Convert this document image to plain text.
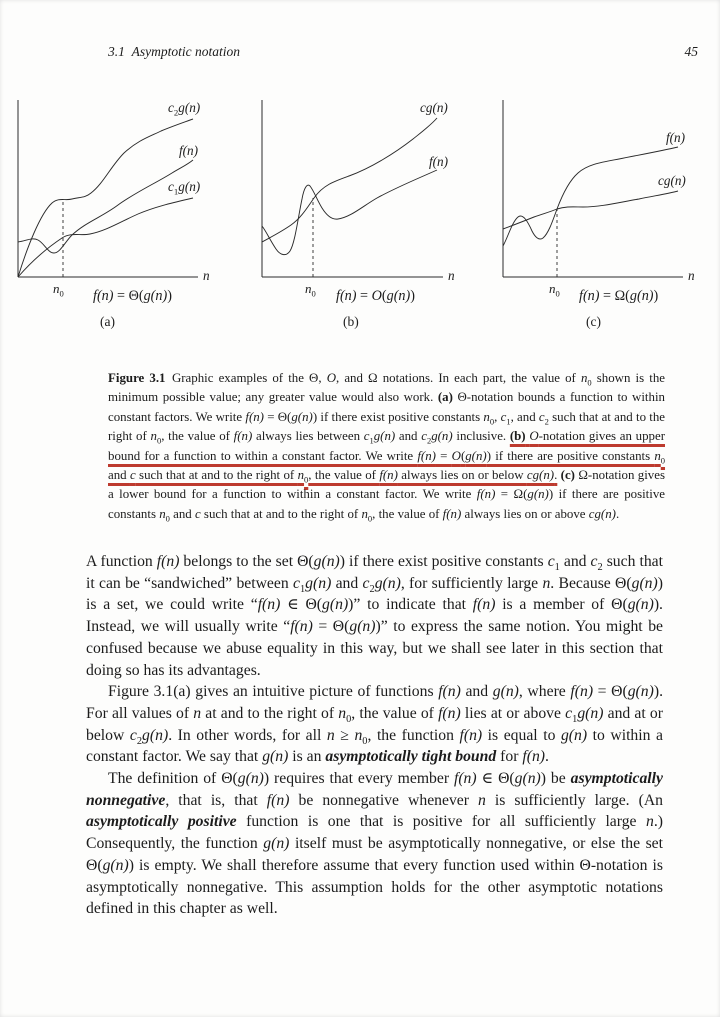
3.1 Asymptotic notation	45
$c_2g(n)$
f(n)
$c_1g(n)$
n
$n_0$ f(n) = Θ(g(n))
(a)
cg(n)
f(n)
n
$n_0$ f(n) = O(g(n))
(b)
f(n)
cg(n)
n
$n_0$ f(n) = Ω(g(n))
(c)
Figure 3.1 Graphic examples of the Θ, O, and Ω notations. In each part, the value of $n_0$ shown is the minimum possible value; any greater value would also work. (a) Θ-notation bounds a function to within constant factors. We write f(n) = Θ(g(n)) if there exist positive constants $n_0$, $c_1$, and $c_2$ such that at and to the right of $n_0$, the value of f(n) always lies between $c_1g(n)$ and $c_2g(n)$ inclusive. (b) O-notation gives an upper bound for a function to within a constant factor. We write f(n) = O(g(n)) if there are positive constants $n_0$ and c such that at and to the right of $n_0$, the value of f(n) always lies on or below cg(n). (c) Ω-notation gives a lower bound for a function to within a constant factor. We write f(n) = Ω(g(n)) if there are positive constants $n_0$ and c such that at and to the right of $n_0$, the value of f(n) always lies on or above cg(n).

A function f(n) belongs to the set Θ(g(n)) if there exist positive constants $c_1$ and $c_2$ such that it can be “sandwiched” between $c_1g(n)$ and $c_2g(n)$, for sufficiently large n. Because Θ(g(n)) is a set, we could write “f(n) ∈ Θ(g(n))” to indicate that f(n) is a member of Θ(g(n)). Instead, we will usually write “f(n) = Θ(g(n))” to express the same notion. You might be confused because we abuse equality in this way, but we shall see later in this section that doing so has its advantages.

Figure 3.1(a) gives an intuitive picture of functions f(n) and g(n), where f(n) = Θ(g(n)). For all values of n at and to the right of $n_0$, the value of f(n) lies at or above $c_1g(n)$ and at or below $c_2g(n)$. In other words, for all $n \ge n_0$, the function f(n) is equal to g(n) to within a constant factor. We say that g(n) is an asymptotically tight bound for f(n).

The definition of Θ(g(n)) requires that every member f(n) ∈ Θ(g(n)) be asymptotically nonnegative, that is, that f(n) be nonnegative whenever n is sufficiently large. (An asymptotically positive function is one that is positive for all sufficiently large n.) Consequently, the function g(n) itself must be asymptotically nonnegative, or else the set Θ(g(n)) is empty. We shall therefore assume that every function used within Θ-notation is asymptotically nonnegative. This assumption holds for the other asymptotic notations defined in this chapter as well.
